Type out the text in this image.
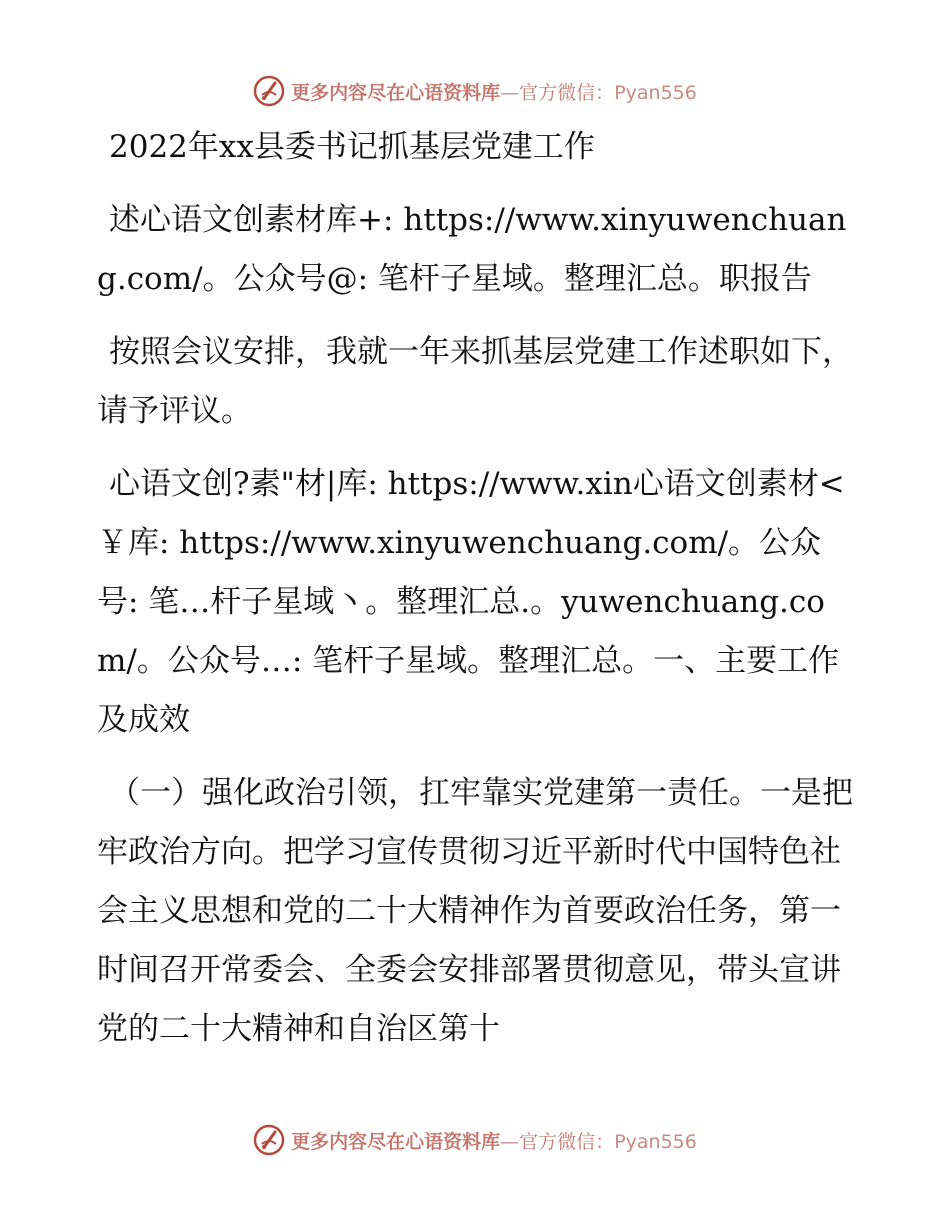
更多内容尽在心语资料库—官方微信：Pyan556

2022年xx县委书记抓基层党建工作

述心语文创素材库+: https://www.xinyuwenchuang.com/。公众号@: 笔杆子星域。整理汇总。职报告

按照会议安排，我就一年来抓基层党建工作述职如下，请予评议。

心语文创?素"材|库: https://www.xin心语文创素材<￥库: https://www.xinyuwenchuang.com/。公众号: 笔…杆子星域丶。整理汇总.。yuwenchuang.com/。公众号…: 笔杆子星域。整理汇总。一、主要工作及成效

（一）强化政治引领，扛牢靠实党建第一责任。一是把牢政治方向。把学习宣传贯彻习近平新时代中国特色社会主义思想和党的二十大精神作为首要政治任务，第一时间召开常委会、全委会安排部署贯彻意见，带头宣讲党的二十大精神和自治区第十

更多内容尽在心语资料库—官方微信：Pyan556
